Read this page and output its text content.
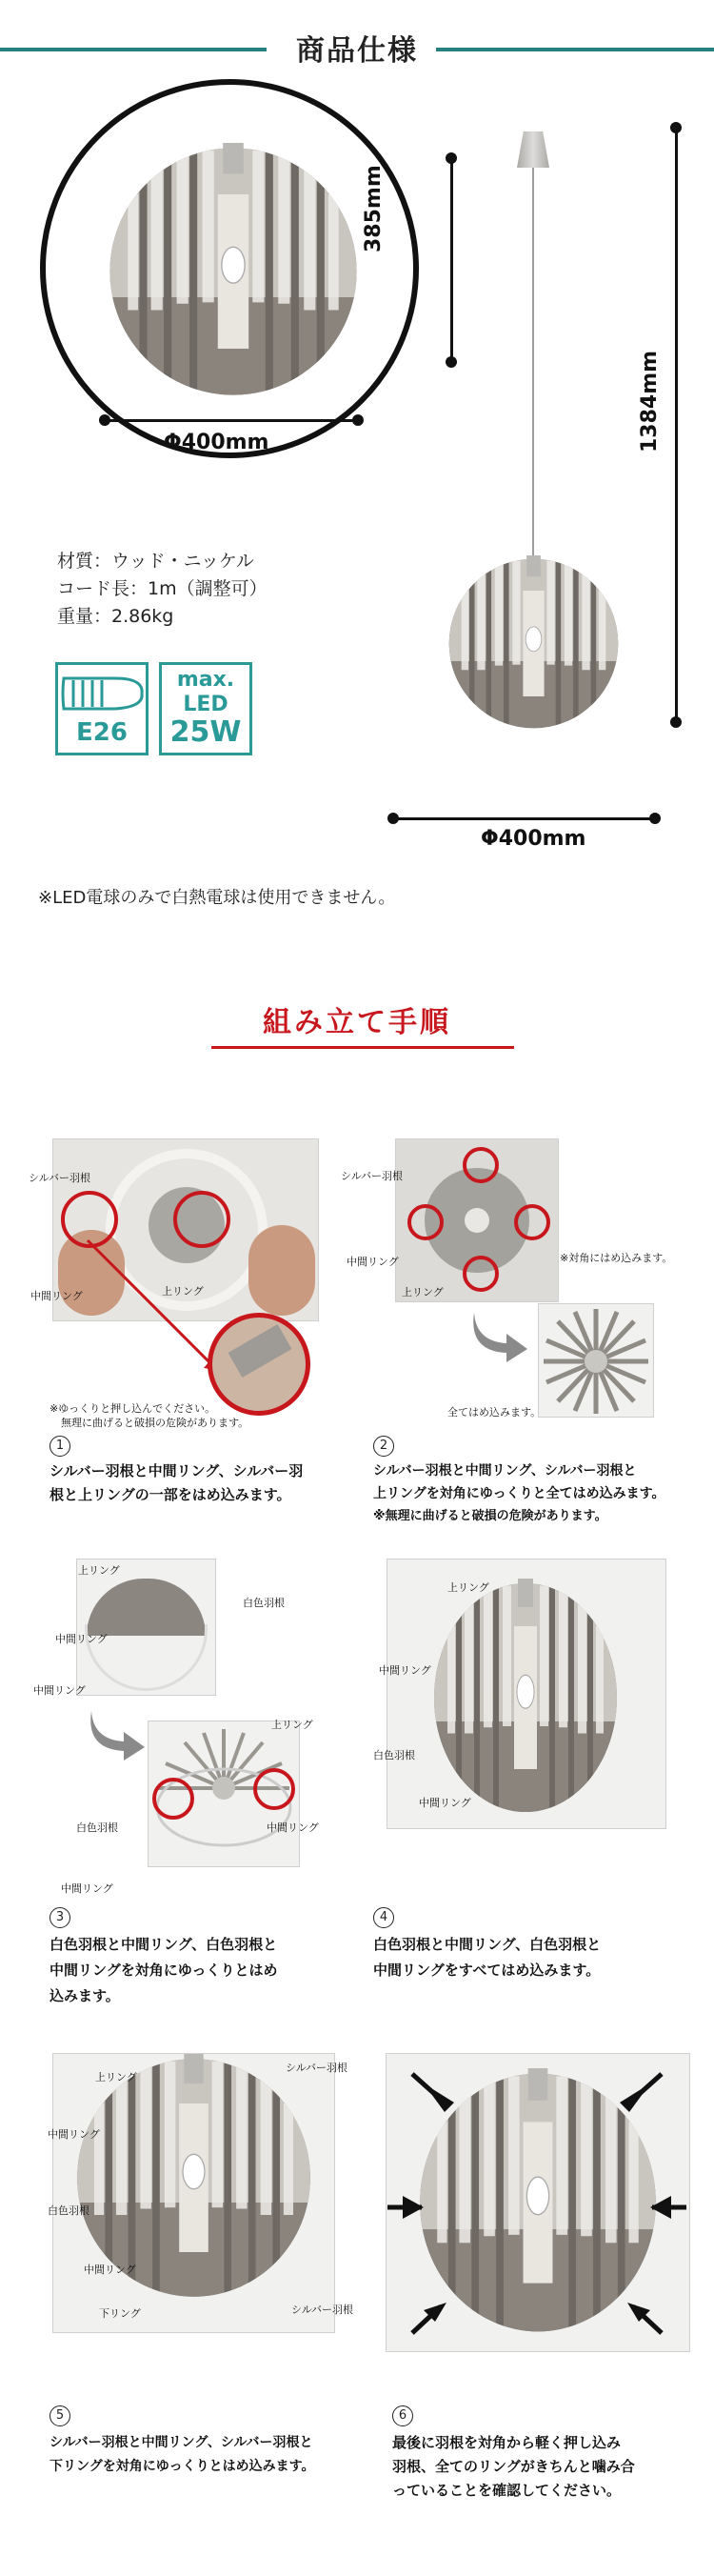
商品仕様
385mm
Φ400mm	1384mm
Φ400mm
材質：ウッド・ニッケル
コード長：1m（調整可）
重量：2.86kg
E26
max.
LED
25W
※LED電球のみで白熱電球は使用できません。
組み立て手順
シルバー羽根
中間リング	上リング
※ゆっくりと押し込んでください。
無理に曲げると破損の危険があります。
1
シルバー羽根と中間リング、シルバー羽
根と上リングの一部をはめ込みます。
シルバー羽根
中間リング
上リング
※対角にはめ込みます。
全てはめ込みます。
2
シルバー羽根と中間リング、シルバー羽根と
上リングを対角にゆっくりと全てはめ込みます。
※無理に曲げると破損の危険があります。
上リング
白色羽根
中間リング
中間リング
上リング
白色羽根	中間リング
中間リング
3
白色羽根と中間リング、白色羽根と
中間リングを対角にゆっくりとはめ
込みます。
上リング
中間リング
白色羽根
中間リング
4
白色羽根と中間リング、白色羽根と
中間リングをすべてはめ込みます。
上リング
シルバー羽根
中間リング
白色羽根
中間リング
下リング	シルバー羽根
5
シルバー羽根と中間リング、シルバー羽根と
下リングを対角にゆっくりとはめ込みます。
6
最後に羽根を対角から軽く押し込み
羽根、全てのリングがきちんと噛み合
っていることを確認してください。
